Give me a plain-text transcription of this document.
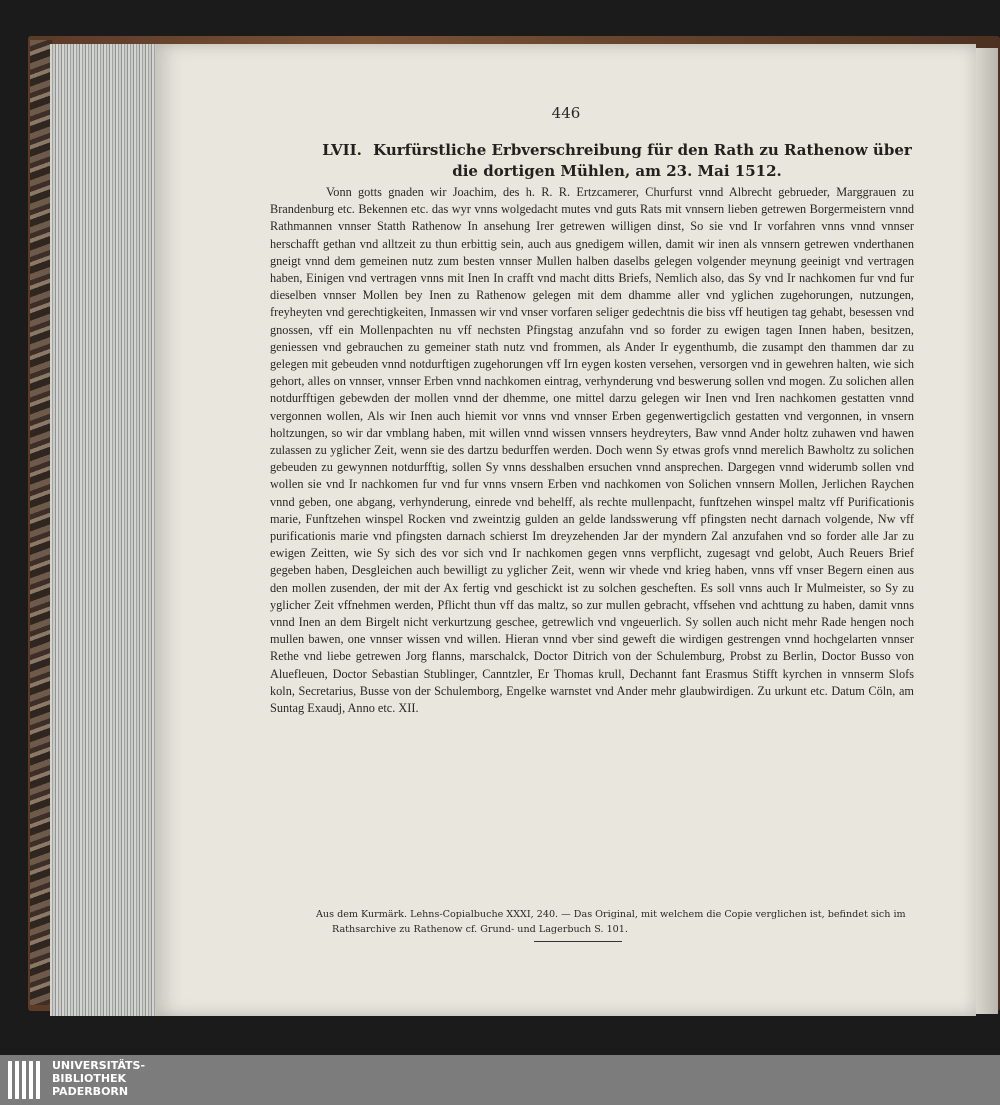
446
LVII. Kurfürstliche Erbverschreibung für den Rath zu Rathenow über die dortigen Mühlen, am 23. Mai 1512.
Vonn gotts gnaden wir Joachim, des h. R. R. Ertzcamerer, Churfurst vnnd Albrecht gebrueder, Marggrauen zu Brandenburg etc. Bekennen etc. das wyr vnns wolgedacht mutes vnd guts Rats mit vnnsern lieben getrewen Borgermeistern vnnd Rathmannen vnnser Statth Rathenow In ansehung Irer getrewen willigen dinst, So sie vnd Ir vorfahren vnns vnnd vnnser herschafft gethan vnd alltzeit zu thun erbittig sein, auch aus gnedigem willen, damit wir inen als vnnsern getrewen vnderthanen gneigt vnnd dem gemeinen nutz zum besten vnnser Mullen halben daselbs gelegen volgender meynung geeinigt vnd vertragen haben, Einigen vnd vertragen vnns mit Inen In crafft vnd macht ditts Briefs, Nemlich also, das Sy vnd Ir nachkomen fur vnd fur dieselben vnnser Mollen bey Inen zu Rathenow gelegen mit dem dhamme aller vnd yglichen zugehorungen, nutzungen, freyheyten vnd gerechtigkeiten, Inmassen wir vnd vnser vorfaren seliger gedechtnis die biss vff heutigen tag gehabt, besessen vnd gnossen, vff ein Mollenpachten nu vff nechsten Pfingstag anzufahn vnd so forder zu ewigen tagen Innen haben, besitzen, geniessen vnd gebrauchen zu gemeiner stath nutz vnd frommen, als Ander Ir eygenthumb, die zusampt den thammen dar zu gelegen mit gebeuden vnnd notdurftigen zugehorungen vff Irn eygen kosten versehen, versorgen vnd in gewehren halten, wie sich gehort, alles on vnnser, vnnser Erben vnnd nachkomen eintrag, verhynderung vnd beswerung sollen vnd mogen. Zu solichen allen notdurfftigen gebewden der mollen vnnd der dhemme, one mittel darzu gelegen wir Inen vnd Iren nachkomen gestatten vnnd vergonnen wollen, Als wir Inen auch hiemit vor vnns vnd vnnser Erben gegenwertigclich gestatten vnd vergonnen, in vnsern holtzungen, so wir dar vmblang haben, mit willen vnnd wissen vnnsers heydreyters, Baw vnnd Ander holtz zuhawen vnd hawen zulassen zu yglicher Zeit, wenn sie des dartzu bedurffen werden. Doch wenn Sy etwas grofs vnnd merelich Bawholtz zu solichen gebeuden zu gewynnen notdurfftig, sollen Sy vnns desshalben ersuchen vnnd ansprechen. Dargegen vnnd widerumb sollen vnd wollen sie vnd Ir nachkomen fur vnd fur vnns vnsern Erben vnd nachkomen von Solichen vnnsern Mollen, Jerlichen Raychen vnnd geben, one abgang, verhynderung, einrede vnd behelff, als rechte mullenpacht, funftzehen winspel maltz vff Purificationis marie, Funftzehen winspel Rocken vnd zweintzig gulden an gelde landsswerung vff pfingsten necht darnach volgende, Nw vff purificationis marie vnd pfingsten darnach schierst Im dreyzehenden Jar der myndern Zal anzufahen vnd so forder alle Jar zu ewigen Zeitten, wie Sy sich des vor sich vnd Ir nachkomen gegen vnns verpflicht, zugesagt vnd gelobt, Auch Reuers Brief gegeben haben, Desgleichen auch bewilligt zu yglicher Zeit, wenn wir vhede vnd krieg haben, vnns vff vnser Begern einen aus den mollen zusenden, der mit der Ax fertig vnd geschickt ist zu solchen gescheften. Es soll vnns auch Ir Mulmeister, so Sy zu yglicher Zeit vffnehmen werden, Pflicht thun vff das maltz, so zur mullen gebracht, vffsehen vnd achttung zu haben, damit vnns vnnd Inen an dem Birgelt nicht verkurtzung geschee, getrewlich vnd vngeuerlich. Sy sollen auch nicht mehr Rade hengen noch mullen bawen, one vnnser wissen vnd willen. Hieran vnnd vber sind geweft die wirdigen gestrengen vnnd hochgelarten vnnser Rethe vnd liebe getrewen Jorg flanns, marschalck, Doctor Ditrich von der Schulemburg, Probst zu Berlin, Doctor Busso von Aluefleuen, Doctor Sebastian Stublinger, Canntzler, Er Thomas krull, Dechannt fant Erasmus Stifft kyrchen in vnnserm Slofs koln, Secretarius, Busse von der Schulemborg, Engelke warnstet vnd Ander mehr glaubwirdigen. Zu urkunt etc. Datum Cöln, am Suntag Exaudj, Anno etc. XII.
Aus dem Kurmärk. Lehns-Copialbuche XXXI, 240. — Das Original, mit welchem die Copie verglichen ist, befindet sich im Rathsarchive zu Rathenow cf. Grund- und Lagerbuch S. 101.
UNIVERSITÄTS-
BIBLIOTHEK
PADERBORN
